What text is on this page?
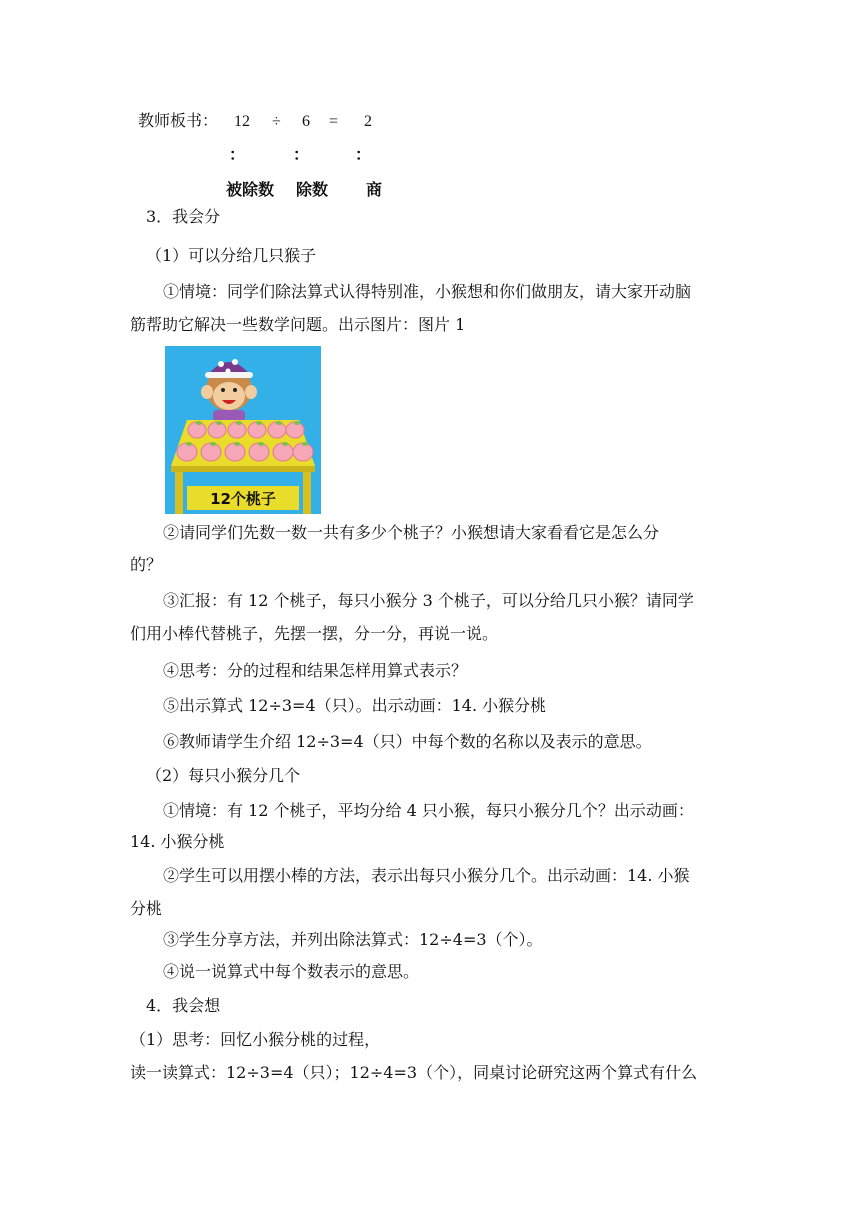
教师板书： 12 ÷ 6 = 2
：	：	：
被除数 除数 商
3．我会分
（1）可以分给几只猴子
①情境：同学们除法算式认得特别准，小猴想和你们做朋友，请大家开动脑
筋帮助它解决一些数学问题。出示图片：图片 1
12个桃子
②请同学们先数一数一共有多少个桃子？小猴想请大家看看它是怎么分
的？
③汇报：有 12 个桃子，每只小猴分 3 个桃子，可以分给几只小猴？请同学
们用小棒代替桃子，先摆一摆，分一分，再说一说。
④思考：分的过程和结果怎样用算式表示？
⑤出示算式 12÷3=4（只）。出示动画：14. 小猴分桃
⑥教师请学生介绍 12÷3=4（只）中每个数的名称以及表示的意思。
（2）每只小猴分几个
①情境：有 12 个桃子，平均分给 4 只小猴，每只小猴分几个？出示动画：
14. 小猴分桃
②学生可以用摆小棒的方法，表示出每只小猴分几个。出示动画：14. 小猴
分桃
③学生分享方法，并列出除法算式：12÷4=3（个）。
④说一说算式中每个数表示的意思。
4．我会想
（1）思考：回忆小猴分桃的过程，
读一读算式：12÷3=4（只）；12÷4=3（个），同桌讨论研究这两个算式有什么
